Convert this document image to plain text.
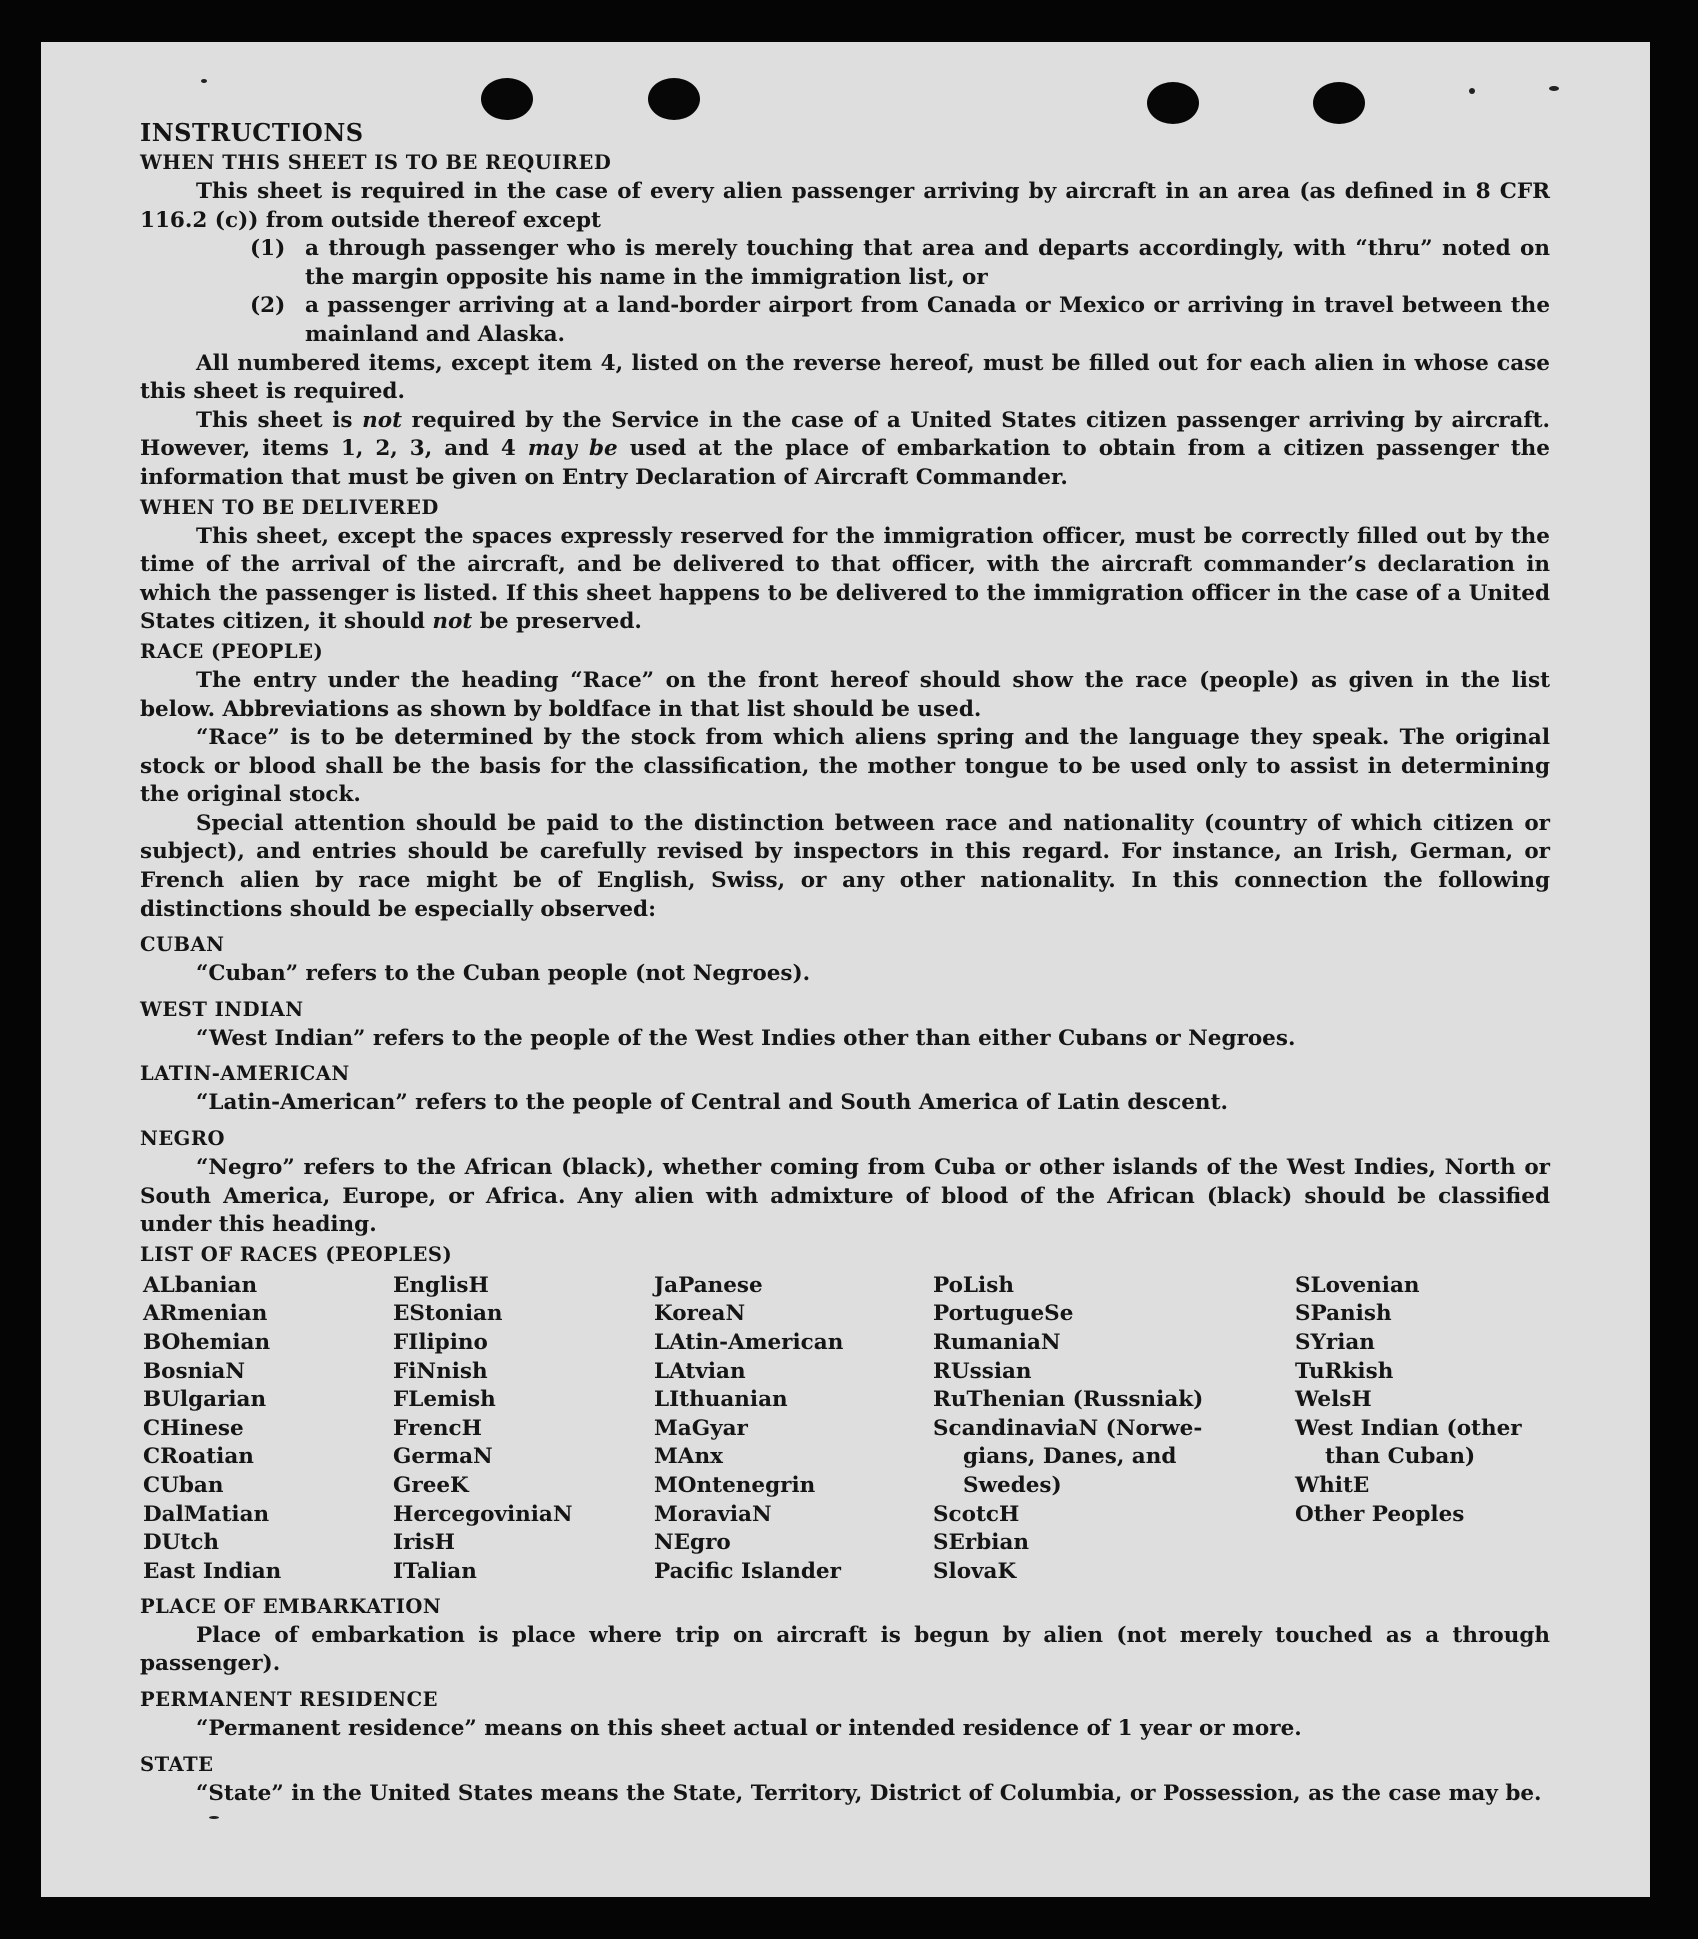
INSTRUCTIONS

WHEN THIS SHEET IS TO BE REQUIRED

This sheet is required in the case of every alien passenger arriving by aircraft in an area (as defined in 8 CFR 116.2 (c)) from outside thereof except

(1) a through passenger who is merely touching that area and departs accordingly, with “thru” noted on the margin opposite his name in the immigration list, or
(2) a passenger arriving at a land-border airport from Canada or Mexico or arriving in travel between the mainland and Alaska.

All numbered items, except item 4, listed on the reverse hereof, must be filled out for each alien in whose case this sheet is required.

This sheet is not required by the Service in the case of a United States citizen passenger arriving by aircraft. However, items 1, 2, 3, and 4 may be used at the place of embarkation to obtain from a citizen passenger the information that must be given on Entry Declaration of Aircraft Commander.

WHEN TO BE DELIVERED

This sheet, except the spaces expressly reserved for the immigration officer, must be correctly filled out by the time of the arrival of the aircraft, and be delivered to that officer, with the aircraft commander’s declaration in which the passenger is listed. If this sheet happens to be delivered to the immigration officer in the case of a United States citizen, it should not be preserved.

RACE (PEOPLE)

The entry under the heading “Race” on the front hereof should show the race (people) as given in the list below. Abbreviations as shown by boldface in that list should be used.

“Race” is to be determined by the stock from which aliens spring and the language they speak. The original stock or blood shall be the basis for the classification, the mother tongue to be used only to assist in determining the original stock.

Special attention should be paid to the distinction between race and nationality (country of which citizen or subject), and entries should be carefully revised by inspectors in this regard. For instance, an Irish, German, or French alien by race might be of English, Swiss, or any other nationality. In this connection the following distinctions should be especially observed:

CUBAN

“Cuban” refers to the Cuban people (not Negroes).

WEST INDIAN

“West Indian” refers to the people of the West Indies other than either Cubans or Negroes.

LATIN-AMERICAN

“Latin-American” refers to the people of Central and South America of Latin descent.

NEGRO

“Negro” refers to the African (black), whether coming from Cuba or other islands of the West Indies, North or South America, Europe, or Africa. Any alien with admixture of blood of the African (black) should be classified under this heading.

LIST OF RACES (PEOPLES)

ALbanian
ARmenian
BOhemian
BosniaN
BUlgarian
CHinese
CRoatian
CUban
DalMatian
DUtch
East Indian
EnglisH
EStonian
FIlipino
FiNnish
FLemish
FrencH
GermaN
GreeK
HercegoviniaN
IrisH
ITalian
JaPanese
KoreaN
LAtin-American
LAtvian
LIthuanian
MaGyar
MAnx
MOntenegrin
MoraviaN
NEgro
Pacific Islander
PoLish
PortugueSe
RumaniaN
RUssian
RuThenian (Russniak)
ScandinaviaN (Norwe-
gians, Danes, and
Swedes)
ScotcH
SErbian
SlovaK
SLovenian
SPanish
SYrian
TuRkish
WelsH
West Indian (other
than Cuban)
WhitE
Other Peoples

PLACE OF EMBARKATION

Place of embarkation is place where trip on aircraft is begun by alien (not merely touched as a through passenger).

PERMANENT RESIDENCE

“Permanent residence” means on this sheet actual or intended residence of 1 year or more.

STATE

“State” in the United States means the State, Territory, District of Columbia, or Possession, as the case may be.
